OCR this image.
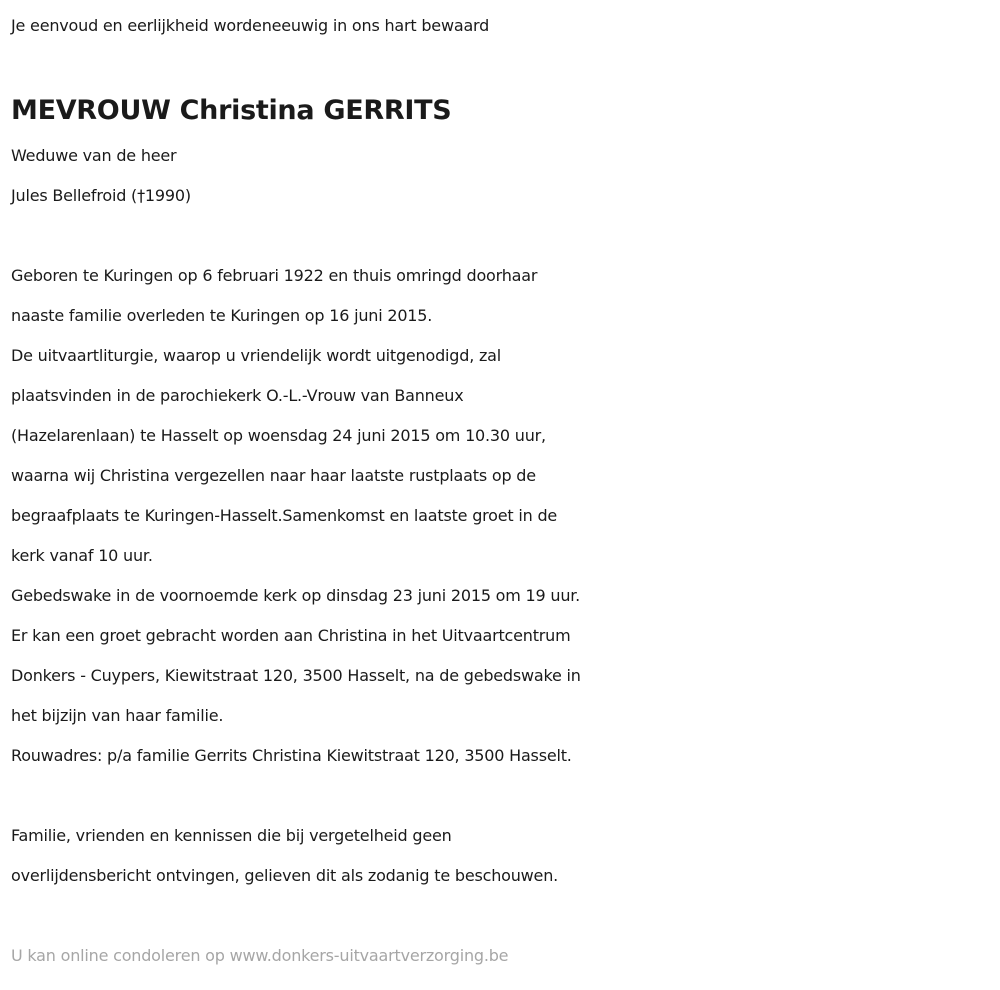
Je eenvoud en eerlijkheid wordeneeuwig in ons hart bewaard
MEVROUW Christina GERRITS
Weduwe van de heer
Jules Bellefroid (†1990)
Geboren te Kuringen op 6 februari 1922 en thuis omringd doorhaar
naaste familie overleden te Kuringen op 16 juni 2015.
De uitvaartliturgie, waarop u vriendelijk wordt uitgenodigd, zal
plaatsvinden in de parochiekerk O.-L.-Vrouw van Banneux
(Hazelarenlaan) te Hasselt op woensdag 24 juni 2015 om 10.30 uur,
waarna wij Christina vergezellen naar haar laatste rustplaats op de
begraafplaats te Kuringen-Hasselt.Samenkomst en laatste groet in de
kerk vanaf 10 uur.
Gebedswake in de voornoemde kerk op dinsdag 23 juni 2015 om 19 uur.
Er kan een groet gebracht worden aan Christina in het Uitvaartcentrum
Donkers - Cuypers, Kiewitstraat 120, 3500 Hasselt, na de gebedswake in
het bijzijn van haar familie.
Rouwadres: p/a familie Gerrits Christina Kiewitstraat 120, 3500 Hasselt.
Familie, vrienden en kennissen die bij vergetelheid geen
overlijdensbericht ontvingen, gelieven dit als zodanig te beschouwen.
U kan online condoleren op www.donkers-uitvaartverzorging.be
